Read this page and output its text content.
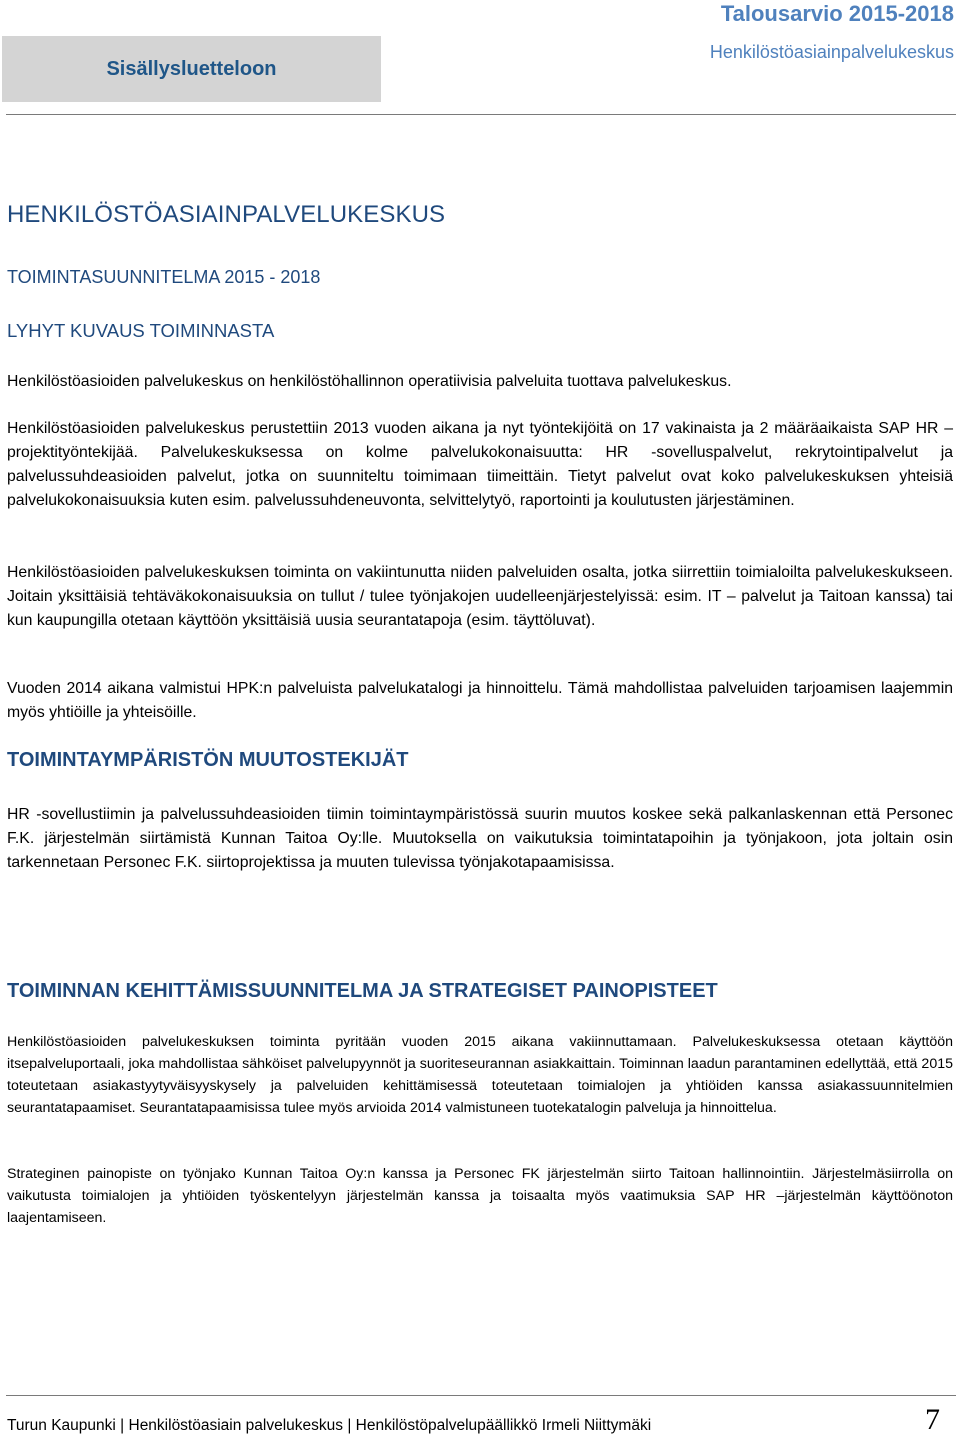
Sisällysluetteloon
Talousarvio 2015-2018
Henkilöstöasiainpalvelukeskus
HENKILÖSTÖASIAINPALVELUKESKUS
TOIMINTASUUNNITELMA 2015 - 2018
LYHYT KUVAUS TOIMINNASTA

Henkilöstöasioiden palvelukeskus on henkilöstöhallinnon operatiivisia palveluita tuottava palvelukeskus.

Henkilöstöasioiden palvelukeskus perustettiin 2013 vuoden aikana ja nyt työntekijöitä on 17 vakinaista ja 2 määräaikaista SAP HR –projektityöntekijää. Palvelukeskuksessa on kolme palvelukokonaisuutta: HR -sovelluspalvelut, rekrytointipalvelut ja palvelussuhdeasioiden palvelut, jotka on suunniteltu toimimaan tiimeittäin. Tietyt palvelut ovat koko palvelukeskuksen yhteisiä palvelukokonaisuuksia kuten esim. palvelussuhdeneuvonta, selvittelytyö, raportointi ja koulutusten järjestäminen.

Henkilöstöasioiden palvelukeskuksen toiminta on vakiintunutta niiden palveluiden osalta, jotka siirrettiin toimialoilta palvelukeskukseen. Joitain yksittäisiä tehtäväkokonaisuuksia on tullut / tulee työnjakojen uudelleenjärjestelyissä: esim. IT – palvelut ja Taitoan kanssa) tai kun kaupungilla otetaan käyttöön yksittäisiä uusia seurantatapoja (esim. täyttöluvat).

Vuoden 2014 aikana valmistui HPK:n palveluista palvelukatalogi ja hinnoittelu. Tämä mahdollistaa palveluiden tarjoamisen laajemmin myös yhtiöille ja yhteisöille.

TOIMINTAYMPÄRISTÖN MUUTOSTEKIJÄT

HR -sovellustiimin ja palvelussuhdeasioiden tiimin toimintaympäristössä suurin muutos koskee sekä palkanlaskennan että Personec F.K. järjestelmän siirtämistä Kunnan Taitoa Oy:lle. Muutoksella on vaikutuksia toimintatapoihin ja työnjakoon, jota joltain osin tarkennetaan Personec F.K. siirtoprojektissa ja muuten tulevissa työnjakotapaamisissa.

TOIMINNAN KEHITTÄMISSUUNNITELMA JA STRATEGISET PAINOPISTEET

Henkilöstöasioiden palvelukeskuksen toiminta pyritään vuoden 2015 aikana vakiinnuttamaan. Palvelukeskuksessa otetaan käyttöön itsepalveluportaali, joka mahdollistaa sähköiset palvelupyynnöt ja suoriteseurannan asiakkaittain. Toiminnan laadun parantaminen edellyttää, että 2015 toteutetaan asiakastyytyväisyyskysely ja palveluiden kehittämisessä toteutetaan toimialojen ja yhtiöiden kanssa asiakassuunnitelmien seurantatapaamiset. Seurantatapaamisissa tulee myös arvioida 2014 valmistuneen tuotekatalogin palveluja ja hinnoittelua.

Strateginen painopiste on työnjako Kunnan Taitoa Oy:n kanssa ja Personec FK järjestelmän siirto Taitoan hallinnointiin. Järjestelmäsiirrolla on vaikutusta toimialojen ja yhtiöiden työskentelyyn järjestelmän kanssa ja toisaalta myös vaatimuksia SAP HR –järjestelmän käyttöönoton laajentamiseen.

Turun Kaupunki | Henkilöstöasiain palvelukeskus | Henkilöstöpalvelupäällikkö Irmeli Niittymäki	7
